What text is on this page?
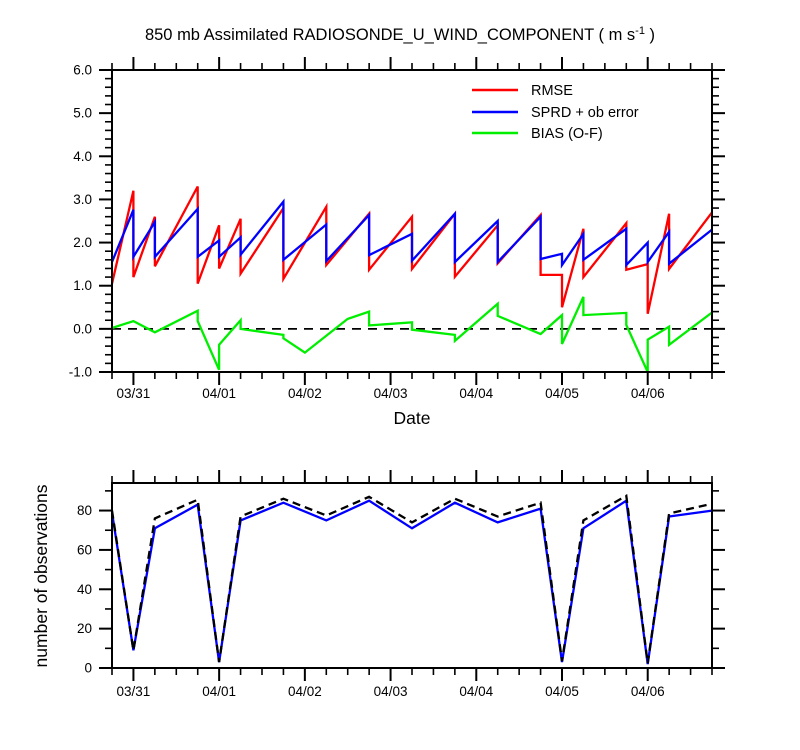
850 mb Assimilated RADIOSONDE_U_WIND_COMPONENT ( m $s^{-1}$ )
RMSE
SPRD + ob error
BIAS (O-F)
03/31	04/01	04/02	04/03	04/04	04/05	04/06
-1.0
0.0
1.0
2.0
3.0
4.0
5.0
6.0
03/31	04/01	04/02	04/03	04/04	04/05	04/06
0
20
40
60
80
Date
number of observations
